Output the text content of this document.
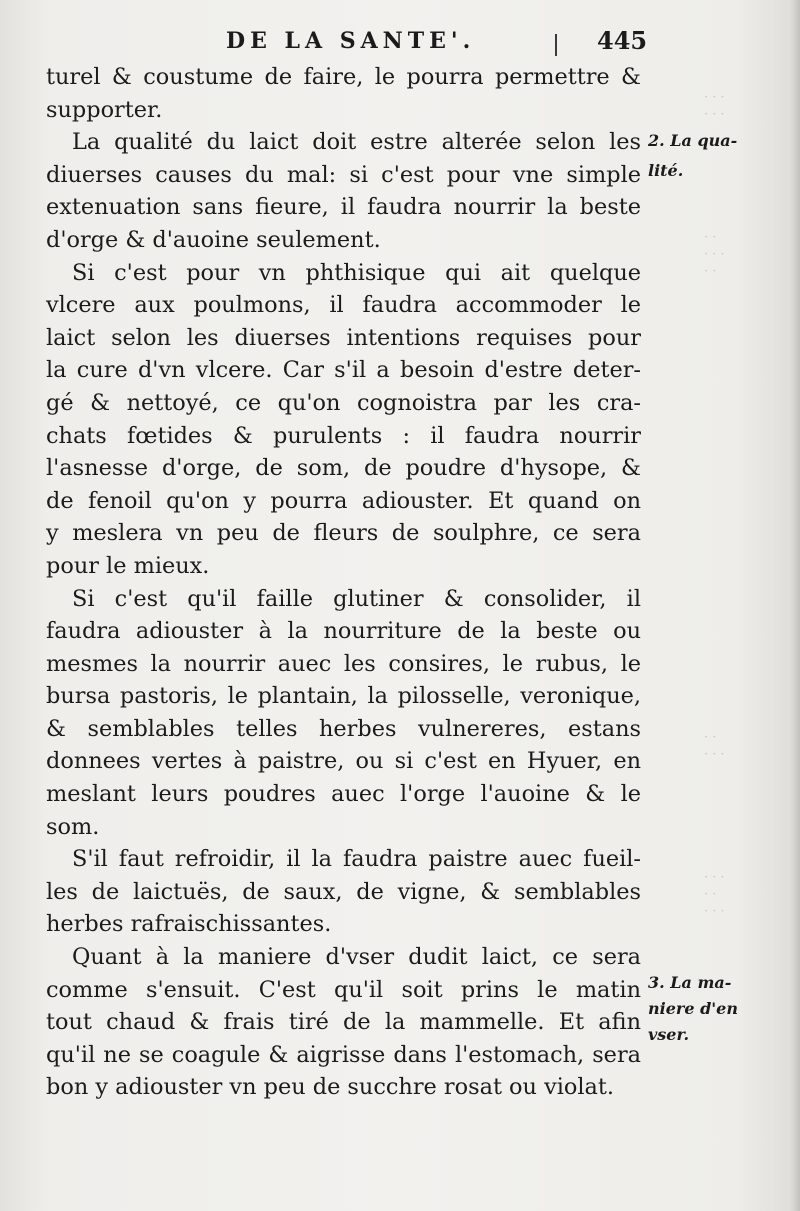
· · ·
· · ·
· ·
· · ·
· ·
· ·
· · ·
· · ·
· ·
· · ·
DE LA SANTE'.	445
turel & coustume de faire, le pourra permettre &
supporter.
La qualité du laict doit estre alterée selon les
diuerses causes du mal: si c'est pour vne simple
extenuation sans fieure, il faudra nourrir la beste
d'orge & d'auoine seulement.
Si c'est pour vn phthisique qui ait quelque
vlcere aux poulmons, il faudra accommoder le
laict selon les diuerses intentions requises pour
la cure d'vn vlcere. Car s'il a besoin d'estre deter-
gé & nettoyé, ce qu'on cognoistra par les cra-
chats fœtides & purulents : il faudra nourrir
l'asnesse d'orge, de som, de poudre d'hysope, &
de fenoil qu'on y pourra adiouster. Et quand on
y meslera vn peu de fleurs de soulphre, ce sera
pour le mieux.
Si c'est qu'il faille glutiner & consolider, il
faudra adiouster à la nourriture de la beste ou
mesmes la nourrir auec les consires, le rubus, le
bursa pastoris, le plantain, la pilosselle, veronique,
& semblables telles herbes vulnereres, estans
donnees vertes à paistre, ou si c'est en Hyuer, en
meslant leurs poudres auec l'orge l'auoine & le
som.
S'il faut refroidir, il la faudra paistre auec fueil-
les de laictuës, de saux, de vigne, & semblables
herbes rafraischissantes.
Quant à la maniere d'vser dudit laict, ce sera
comme s'ensuit. C'est qu'il soit prins le matin
tout chaud & frais tiré de la mammelle. Et afin
qu'il ne se coagule & aigrisse dans l'estomach, sera
bon y adiouster vn peu de succhre rosat ou violat.
2. La qua-
lité.
3. La ma-
niere d'en
vser.
